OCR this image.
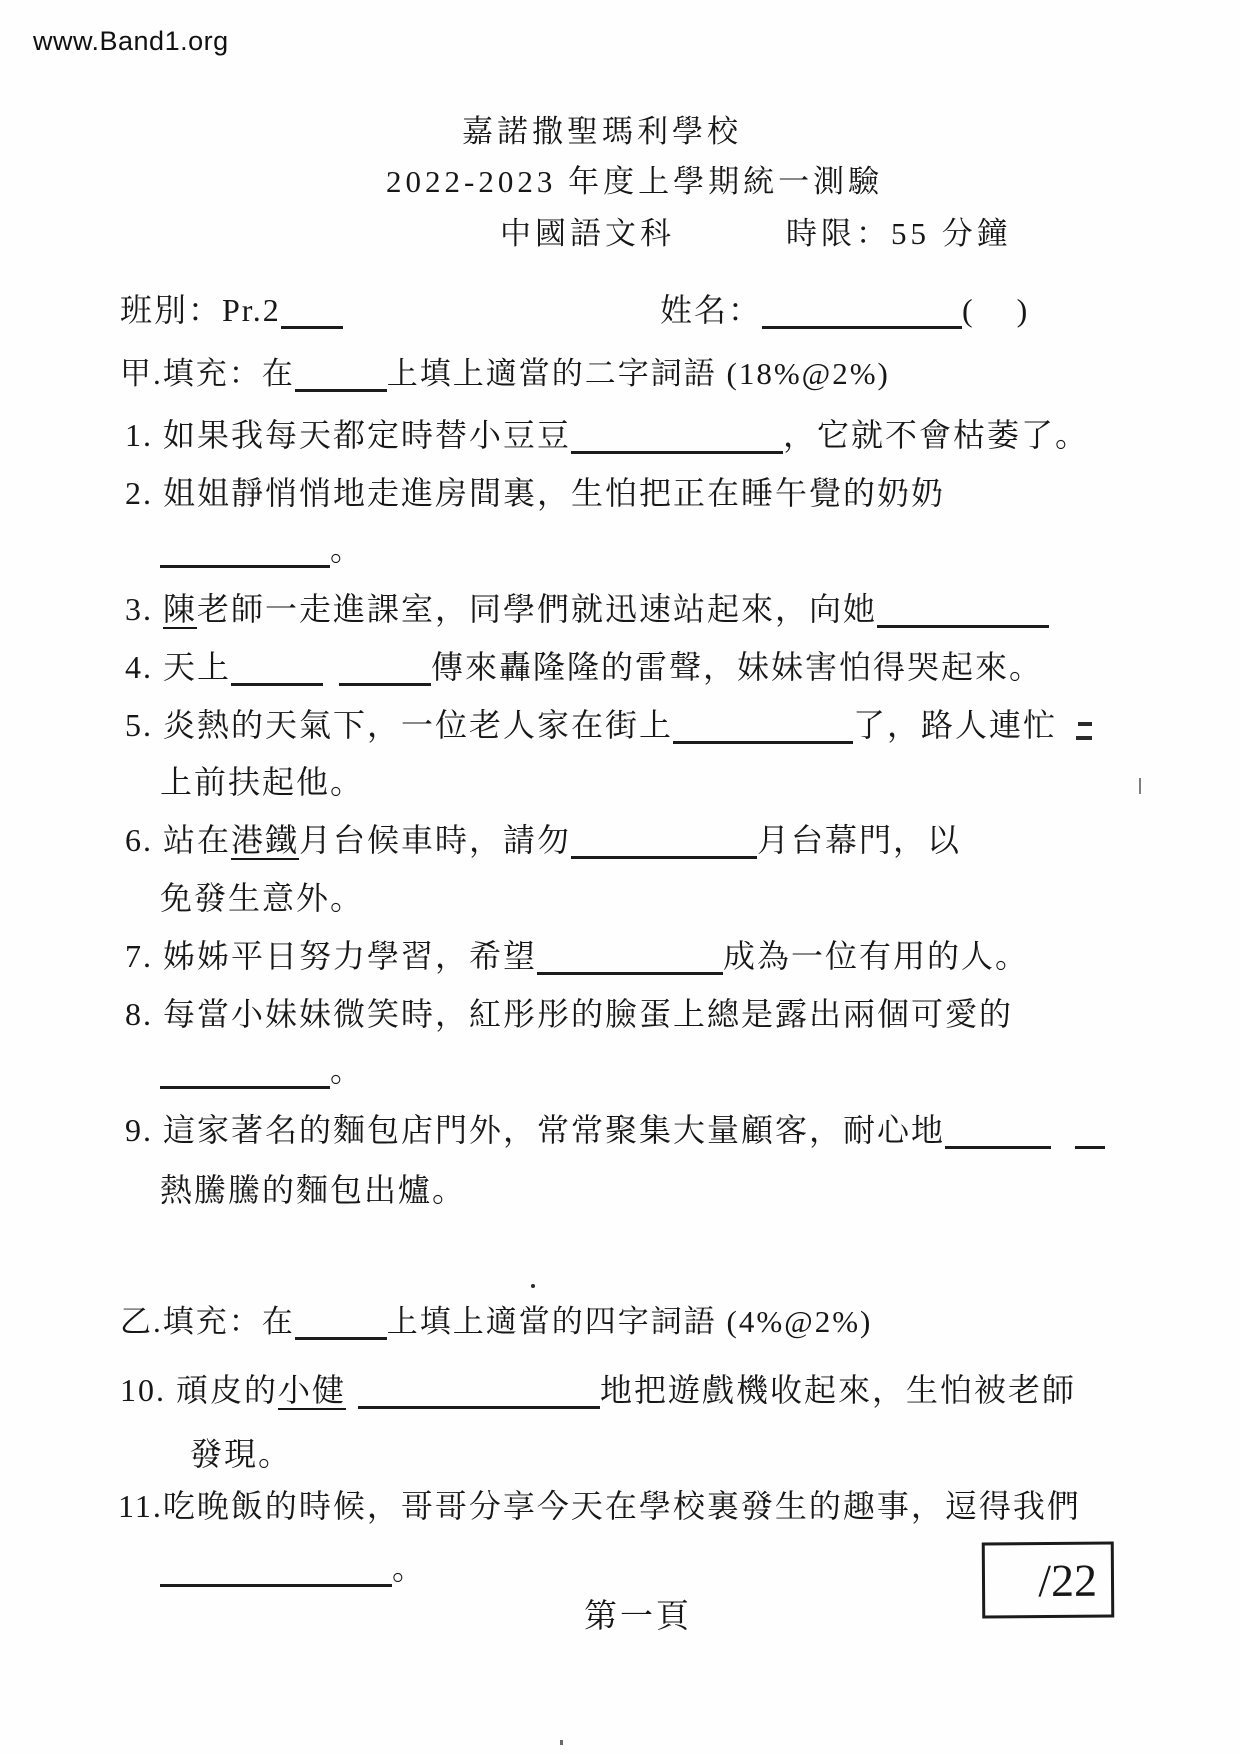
www.Band1.org
嘉諾撒聖瑪利學校
2022-2023 年度上學期統一測驗
中國語文科	時限：55 分鐘
班別：Pr.2	姓名：	( )
甲.填充：在	上填上適當的二字詞語 (18%@2%)
1. 如果我每天都定時替小豆豆	，它就不會枯萎了。
2. 姐姐靜悄悄地走進房間裏，生怕把正在睡午覺的奶奶
。
3. 陳老師一走進課室，同學們就迅速站起來，向她
4. 天上	傳來轟隆隆的雷聲，妹妹害怕得哭起來。
5. 炎熱的天氣下，一位老人家在街上	了，路人連忙
上前扶起他。
6. 站在港鐵月台候車時，請勿	月台幕門，以
免發生意外。
7. 姊姊平日努力學習，希望	成為一位有用的人。
8. 每當小妹妹微笑時，紅彤彤的臉蛋上總是露出兩個可愛的
。
9. 這家著名的麵包店門外，常常聚集大量顧客，耐心地
熱騰騰的麵包出爐。
乙.填充：在	上填上適當的四字詞語 (4%@2%)
10. 頑皮的小健	地把遊戲機收起來，生怕被老師
發現。
11.吃晚飯的時候，哥哥分享今天在學校裏發生的趣事，逗得我們
。
第一頁
/22
